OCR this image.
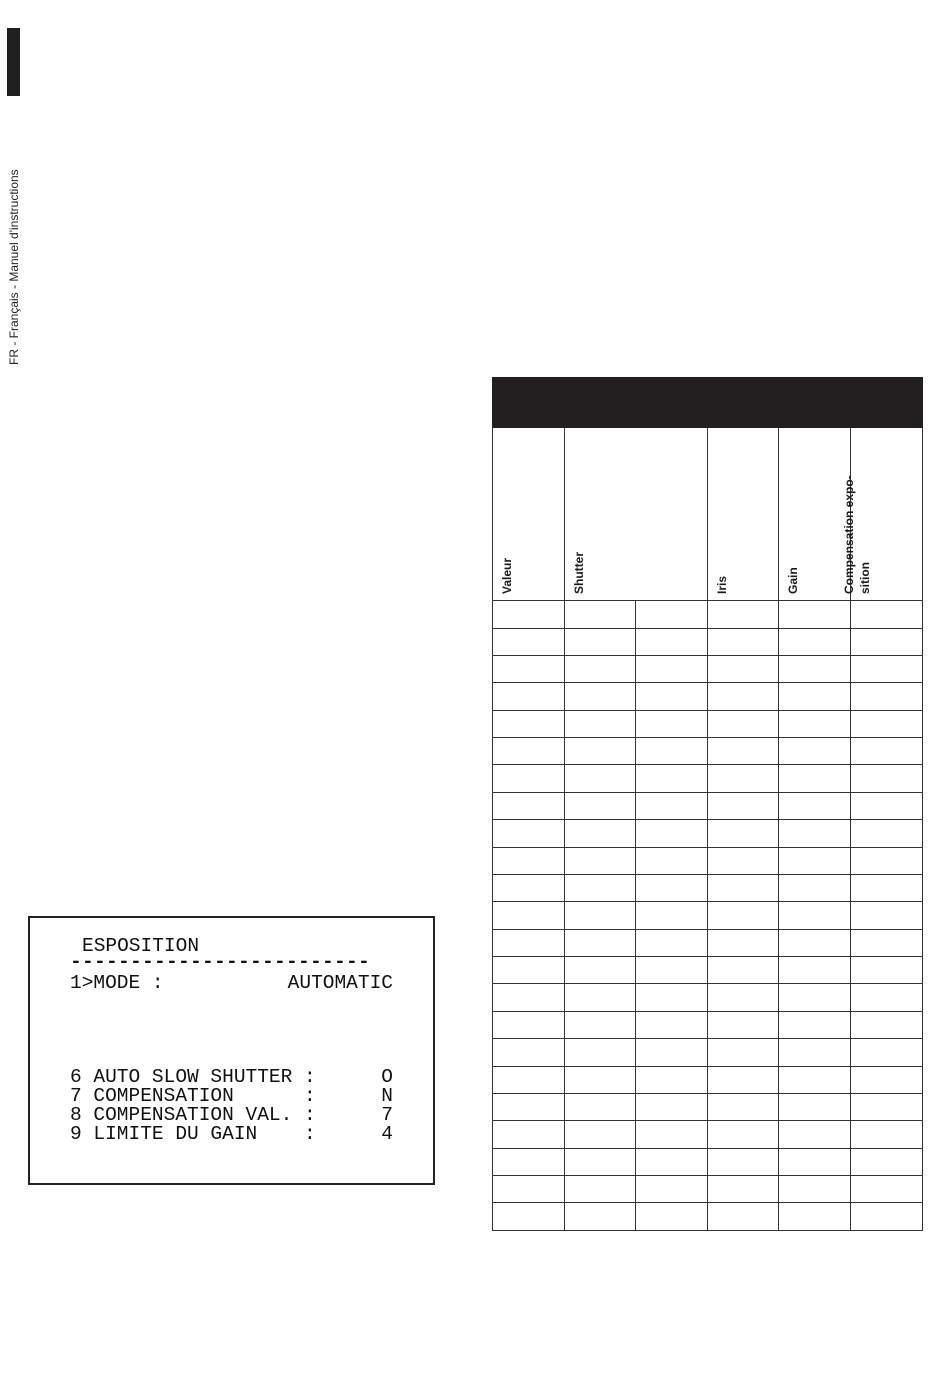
FR - Français - Manuel d'instructions
ESPOSITION
-------------------------
1>MODE :	AUTOMATIC
6 AUTO SLOW SHUTTER :	O
7 COMPENSATION      :	N
8 COMPENSATION VAL. :	7
9 LIMITE DU GAIN    :	4

Valeur	Shutter		Iris	Gain	Compensation expo-sition
